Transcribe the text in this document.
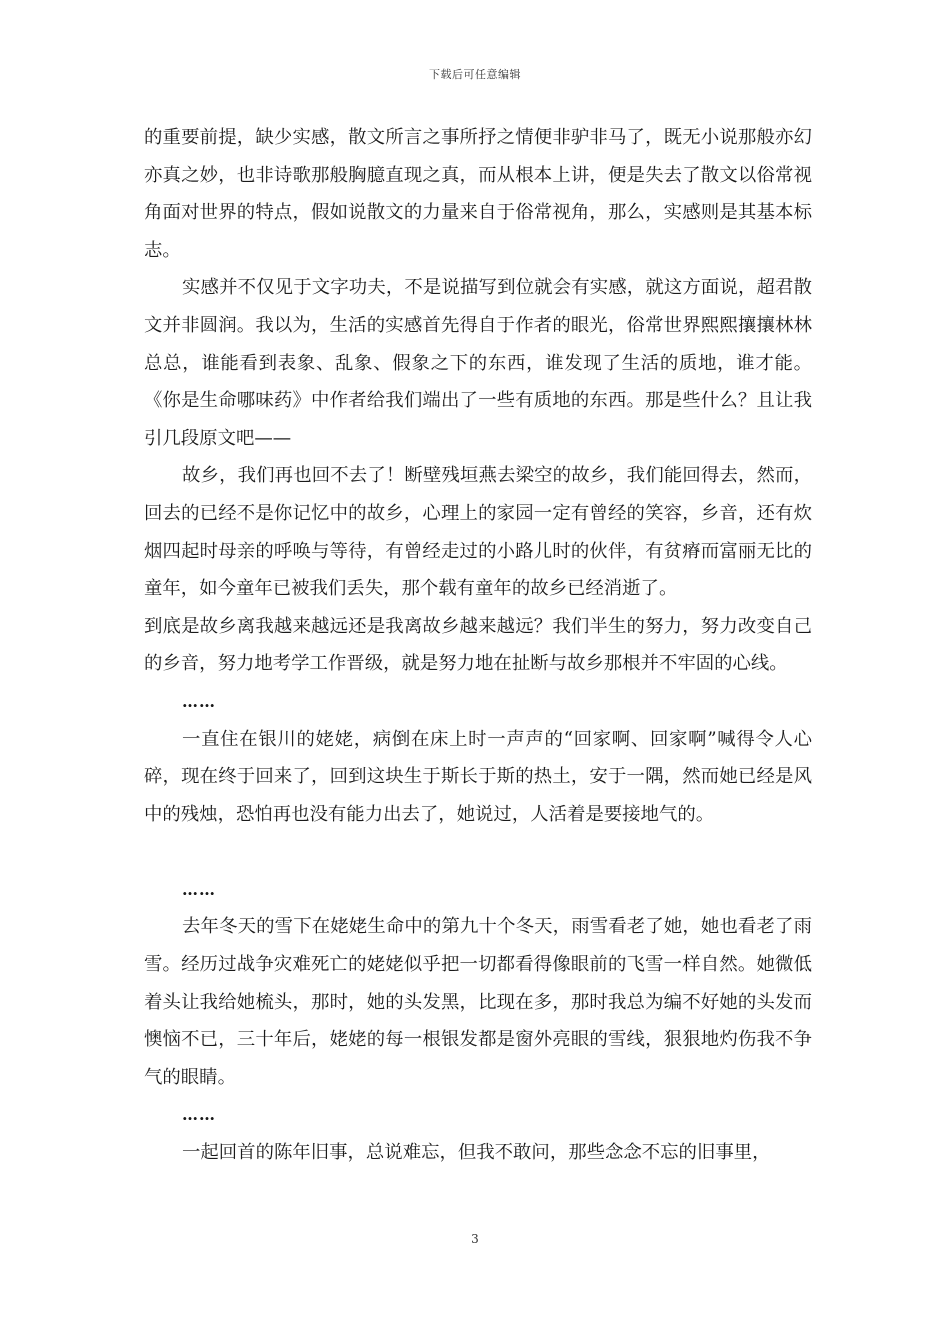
下载后可任意编辑

的重要前提，缺少实感，散文所言之事所抒之情便非驴非马了，既无小说那般亦幻亦真之妙，也非诗歌那般胸臆直现之真，而从根本上讲，便是失去了散文以俗常视角面对世界的特点，假如说散文的力量来自于俗常视角，那么，实感则是其基本标志。

实感并不仅见于文字功夫，不是说描写到位就会有实感，就这方面说，超君散文并非圆润。我以为，生活的实感首先得自于作者的眼光，俗常世界熙熙攘攘林林总总，谁能看到表象、乱象、假象之下的东西，谁发现了生活的质地，谁才能。《你是生命哪味药》中作者给我们端出了一些有质地的东西。那是些什么？且让我引几段原文吧——

故乡，我们再也回不去了！断壁残垣燕去梁空的故乡，我们能回得去，然而，回去的已经不是你记忆中的故乡，心理上的家园一定有曾经的笑容，乡音，还有炊烟四起时母亲的呼唤与等待，有曾经走过的小路儿时的伙伴，有贫瘠而富丽无比的童年，如今童年已被我们丢失，那个载有童年的故乡已经消逝了。

到底是故乡离我越来越远还是我离故乡越来越远？我们半生的努力，努力改变自己的乡音，努力地考学工作晋级，就是努力地在扯断与故乡那根并不牢固的心线。

……

一直住在银川的姥姥，病倒在床上时一声声的“回家啊、回家啊”喊得令人心碎，现在终于回来了，回到这块生于斯长于斯的热土，安于一隅，然而她已经是风中的残烛，恐怕再也没有能力出去了，她说过，人活着是要接地气的。

……

去年冬天的雪下在姥姥生命中的第九十个冬天，雨雪看老了她，她也看老了雨雪。经历过战争灾难死亡的姥姥似乎把一切都看得像眼前的飞雪一样自然。她微低着头让我给她梳头，那时，她的头发黑，比现在多，那时我总为编不好她的头发而懊恼不已，三十年后，姥姥的每一根银发都是窗外亮眼的雪线，狠狠地灼伤我不争气的眼睛。

……

一起回首的陈年旧事，总说难忘，但我不敢问，那些念念不忘的旧事里，

3
